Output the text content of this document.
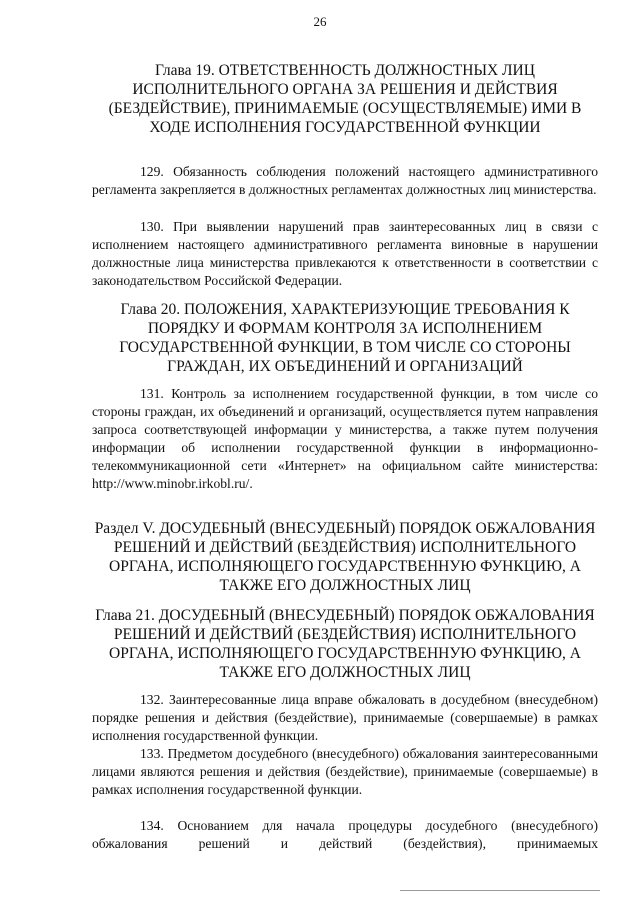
26
Глава 19. ОТВЕТСТВЕННОСТЬ ДОЛЖНОСТНЫХ ЛИЦ ИСПОЛНИТЕЛЬНОГО ОРГАНА ЗА РЕШЕНИЯ И ДЕЙСТВИЯ (БЕЗДЕЙСТВИЕ), ПРИНИМАЕМЫЕ (ОСУЩЕСТВЛЯЕМЫЕ) ИМИ В ХОДЕ ИСПОЛНЕНИЯ ГОСУДАРСТВЕННОЙ ФУНКЦИИ

129. Обязанность соблюдения положений настоящего административного регламента закрепляется в должностных регламентах должностных лиц министерства.

130. При выявлении нарушений прав заинтересованных лиц в связи с исполнением настоящего административного регламента виновные в нарушении должностные лица министерства привлекаются к ответственности в соответствии с законодательством Российской Федерации.

Глава 20. ПОЛОЖЕНИЯ, ХАРАКТЕРИЗУЮЩИЕ ТРЕБОВАНИЯ К ПОРЯДКУ И ФОРМАМ КОНТРОЛЯ ЗА ИСПОЛНЕНИЕМ ГОСУДАРСТВЕННОЙ ФУНКЦИИ, В ТОМ ЧИСЛЕ СО СТОРОНЫ ГРАЖДАН, ИХ ОБЪЕДИНЕНИЙ И ОРГАНИЗАЦИЙ

131. Контроль за исполнением государственной функции, в том числе со стороны граждан, их объединений и организаций, осуществляется путем направления запроса соответствующей информации у министерства, а также путем получения информации об исполнении государственной функции в информационно-телекоммуникационной сети «Интернет» на официальном сайте министерства: http://www.minobr.irkobl.ru/.

Раздел V. ДОСУДЕБНЫЙ (ВНЕСУДЕБНЫЙ) ПОРЯДОК ОБЖАЛОВАНИЯ РЕШЕНИЙ И ДЕЙСТВИЙ (БЕЗДЕЙСТВИЯ) ИСПОЛНИТЕЛЬНОГО ОРГАНА, ИСПОЛНЯЮЩЕГО ГОСУДАРСТВЕННУЮ ФУНКЦИЮ, А ТАКЖЕ ЕГО ДОЛЖНОСТНЫХ ЛИЦ
Глава 21. ДОСУДЕБНЫЙ (ВНЕСУДЕБНЫЙ) ПОРЯДОК ОБЖАЛОВАНИЯ РЕШЕНИЙ И ДЕЙСТВИЙ (БЕЗДЕЙСТВИЯ) ИСПОЛНИТЕЛЬНОГО ОРГАНА, ИСПОЛНЯЮЩЕГО ГОСУДАРСТВЕННУЮ ФУНКЦИЮ, А ТАКЖЕ ЕГО ДОЛЖНОСТНЫХ ЛИЦ

132. Заинтересованные лица вправе обжаловать в досудебном (внесудебном) порядке решения и действия (бездействие), принимаемые (совершаемые) в рамках исполнения государственной функции.

133. Предметом досудебного (внесудебного) обжалования заинтересованными лицами являются решения и действия (бездействие), принимаемые (совершаемые) в рамках исполнения государственной функции.

134. Основанием для начала процедуры досудебного (внесудебного) обжалования решений и действий (бездействия), принимаемых
